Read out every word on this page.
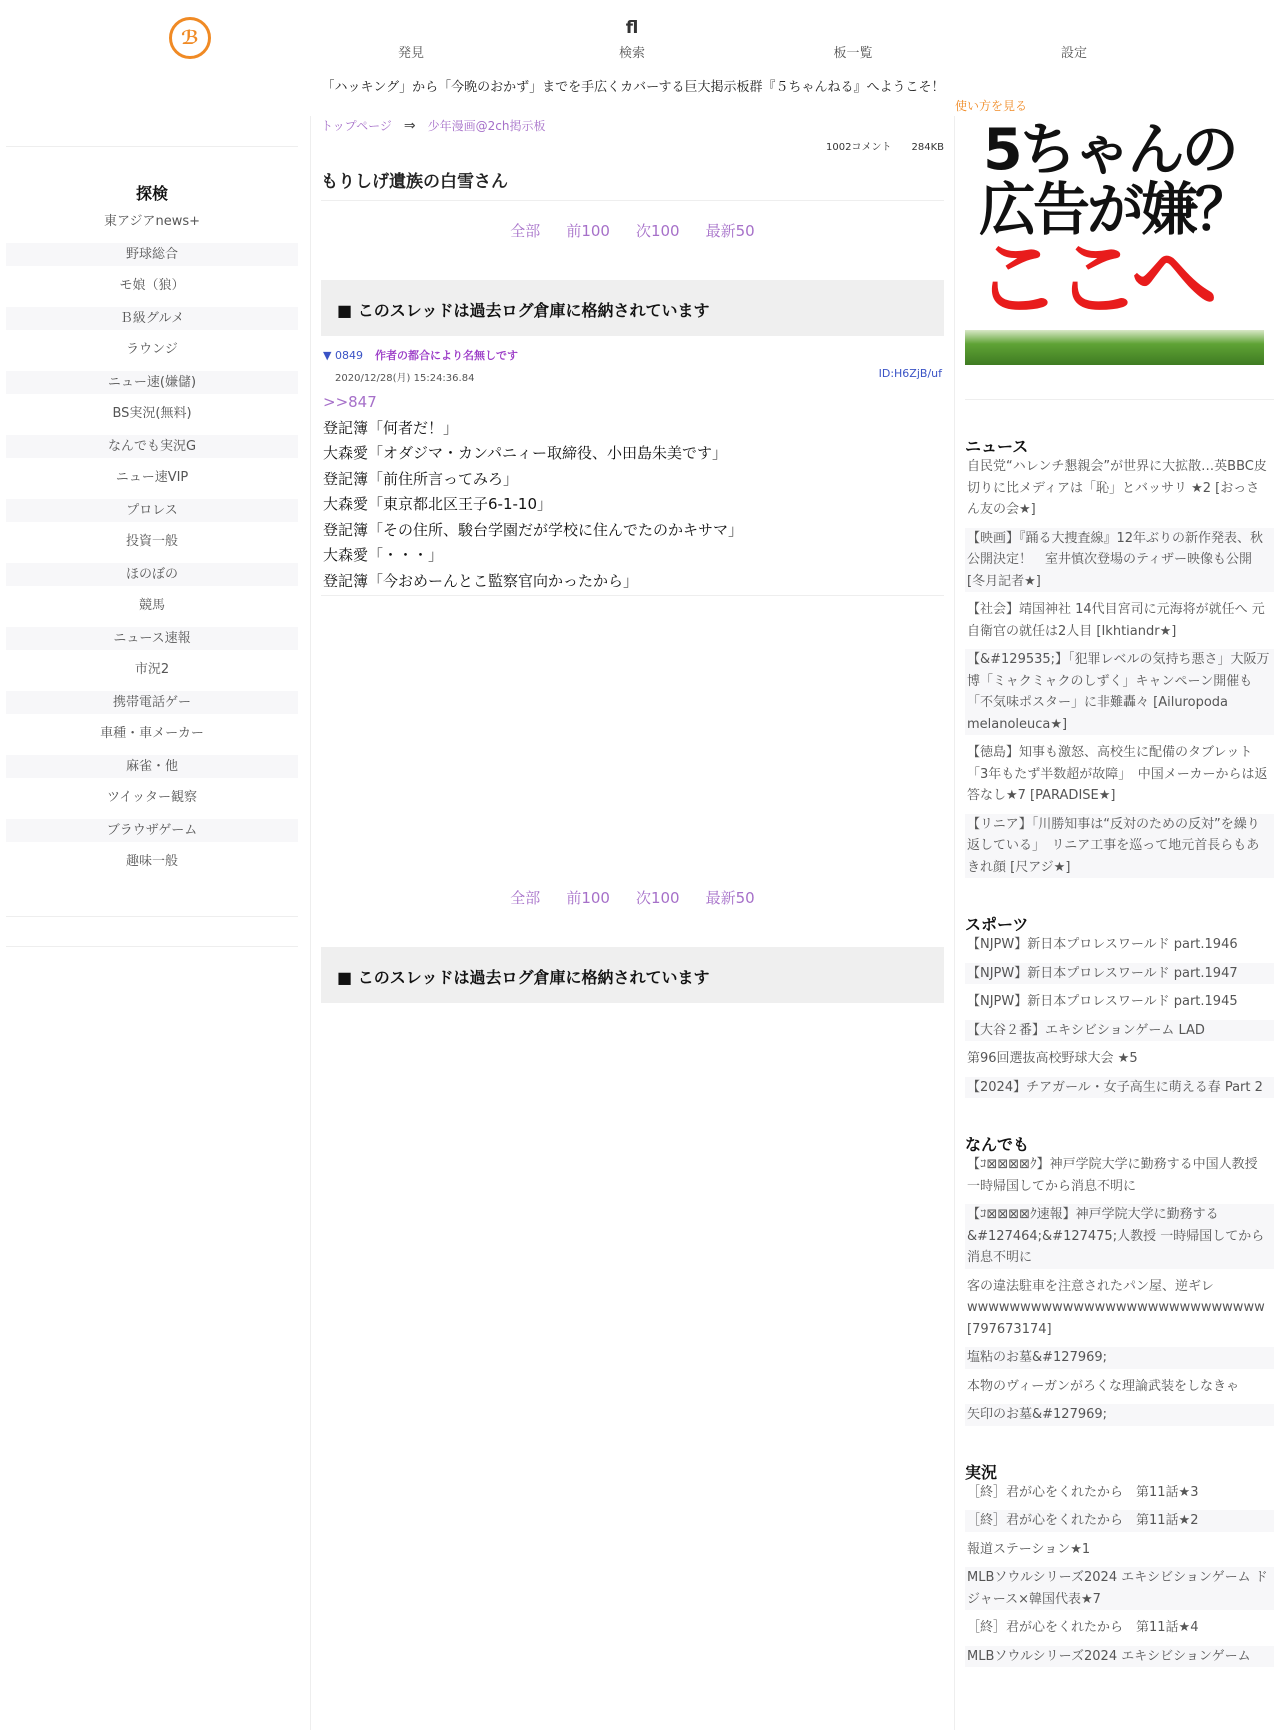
ℬ
発見
fl
検索	板一覧	設定
「ハッキング」から「今晩のおかず」までを手広くカバーする巨大掲示板群『５ちゃんねる』へようこそ！
使い方を見る
探検
東アジアnews+
野球総合
モ娘（狼）
Ｂ級グルメ
ラウンジ
ニュー速(嫌儲)
BS実況(無料)
なんでも実況G
ニュー速VIP
プロレス
投資一般
ほのぼの
競馬
ニュース速報
市況2
携帯電話ゲー
車種・車メーカー
麻雀・他
ツイッター観察
ブラウザゲーム
趣味一般
トップページ ⇒ 少年漫画@2ch掲示板
1002コメント 284KB
もりしげ遺族の白雪さん
全部 前100 次100 最新50
■ このスレッドは過去ログ倉庫に格納されています
▼ 0849 作者の都合により名無しです
2020/12/28(月) 15:24:36.84	ID:H6ZjB/uf
>>847
登記簿「何者だ！」
大森愛「オダジマ・カンパニィー取締役、小田島朱美です」
登記簿「前住所言ってみろ」
大森愛「東京都北区王子6-1-10」
登記簿「その住所、駿台学園だが学校に住んでたのかキサマ」
大森愛「・・・」
登記簿「今おめーんとこ監察官向かったから」
全部 前100 次100 最新50
■ このスレッドは過去ログ倉庫に格納されています
5ちゃんの
広告が嫌？
ここへ
ニュース
自民党“ハレンチ懇親会”が世界に大拡散…英BBC皮切りに比メディアは「恥」とバッサリ ★2 [おっさん友の会★]
【映画】『踊る大捜査線』12年ぶりの新作発表、秋公開決定！　室井慎次登場のティザー映像も公開 [冬月記者★]
【社会】靖国神社 14代目宮司に元海将が就任へ 元自衛官の就任は2人目 [Ikhtiandr★]
【&#129535;】「犯罪レベルの気持ち悪さ」大阪万博「ミャクミャクのしずく」キャンペーン開催も「不気味ポスター」に非難轟々 [Ailuropoda melanoleuca★]
【徳島】知事も激怒、高校生に配備のタブレット「3年もたず半数超が故障」　中国メーカーからは返答なし★7 [PARADISE★]
【リニア】「川勝知事は“反対のための反対”を繰り返している」　リニア工事を巡って地元首長らもあきれ顔 [尺アジ★]
スポーツ
【NJPW】新日本プロレスワールド part.1946
【NJPW】新日本プロレスワールド part.1947
【NJPW】新日本プロレスワールド part.1945
【大谷２番】エキシビションゲーム LAD
第96回選抜高校野球大会 ★5
【2024】チアガール・女子高生に萌える春 Part 2
なんでも
【ｺ⊠⊠⊠⊠ｸ】神戸学院大学に勤務する中国人教授 一時帰国してから消息不明に
【ｺ⊠⊠⊠⊠ｸ速報】神戸学院大学に勤務する&#127464;&#127475;人教授 一時帰国してから消息不明に
客の違法駐車を注意されたパン屋、逆ギレ wwwwwwwwwwwwwwwwwwwwwwwwwwww [797673174]
塩粘のお墓&#127969;
本物のヴィーガンがろくな理論武装をしなきゃ
矢印のお墓&#127969;
実況
［終］君が心をくれたから　第11話★3
［終］君が心をくれたから　第11話★2
報道ステーション★1
MLBソウルシリーズ2024 エキシビションゲーム ドジャース×韓国代表★7
［終］君が心をくれたから　第11話★4
MLBソウルシリーズ2024 エキシビションゲーム
